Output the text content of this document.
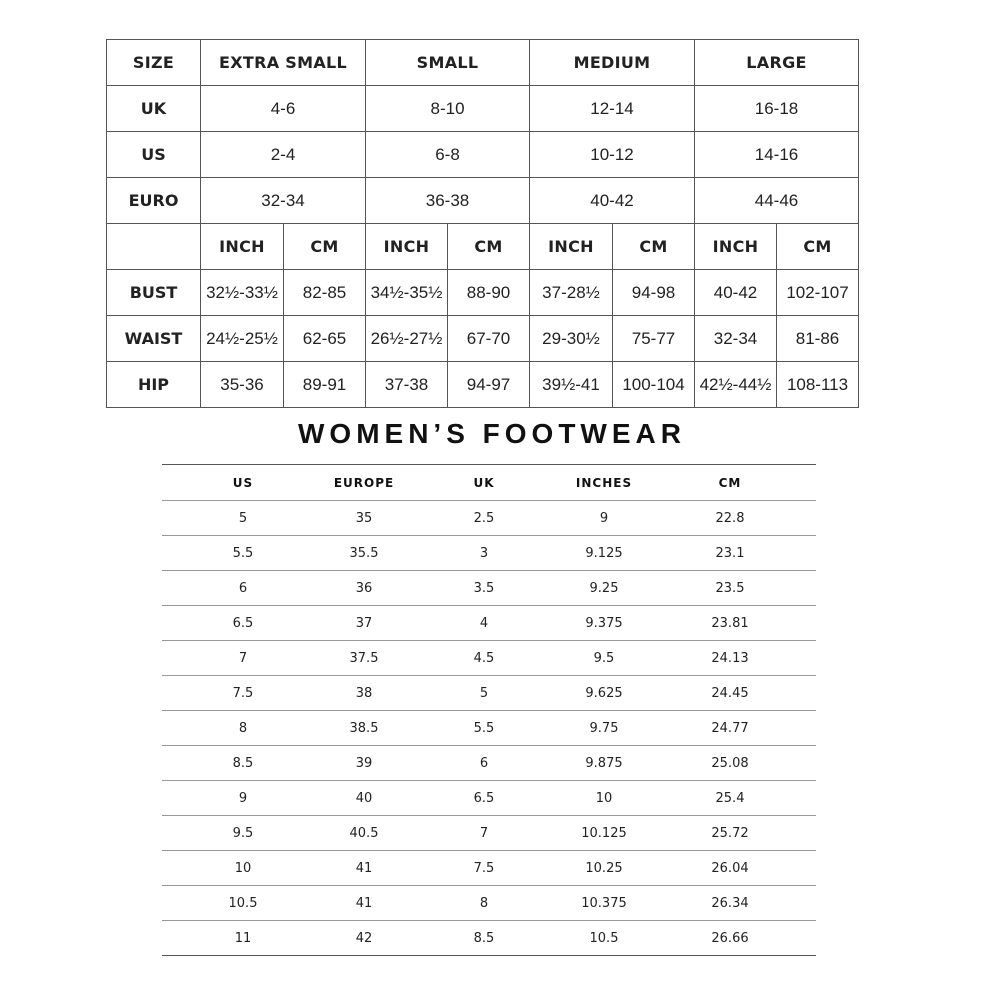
SIZE	EXTRA SMALL		SMALL		MEDIUM		LARGE	
UK	4-6		8-10		12-14		16-18	
US	2-4		6-8		10-12		14-16	
EURO	32-34		36-38		40-42		44-46	
	INCH	CM	INCH	CM	INCH	CM	INCH	CM
BUST	32½-33½	82-85	34½-35½	88-90	37-28½	94-98	40-42	102-107
WAIST	24½-25½	62-65	26½-27½	67-70	29-30½	75-77	32-34	81-86
HIP	35-36	89-91	37-38	94-97	39½-41	100-104	42½-44½	108-113
WOMEN’S FOOTWEAR
US	EUROPE	UK	INCHES	CM
5	35	2.5	9	22.8
5.5	35.5	3	9.125	23.1
6	36	3.5	9.25	23.5
6.5	37	4	9.375	23.81
7	37.5	4.5	9.5	24.13
7.5	38	5	9.625	24.45
8	38.5	5.5	9.75	24.77
8.5	39	6	9.875	25.08
9	40	6.5	10	25.4
9.5	40.5	7	10.125	25.72
10	41	7.5	10.25	26.04
10.5	41	8	10.375	26.34
11	42	8.5	10.5	26.66
